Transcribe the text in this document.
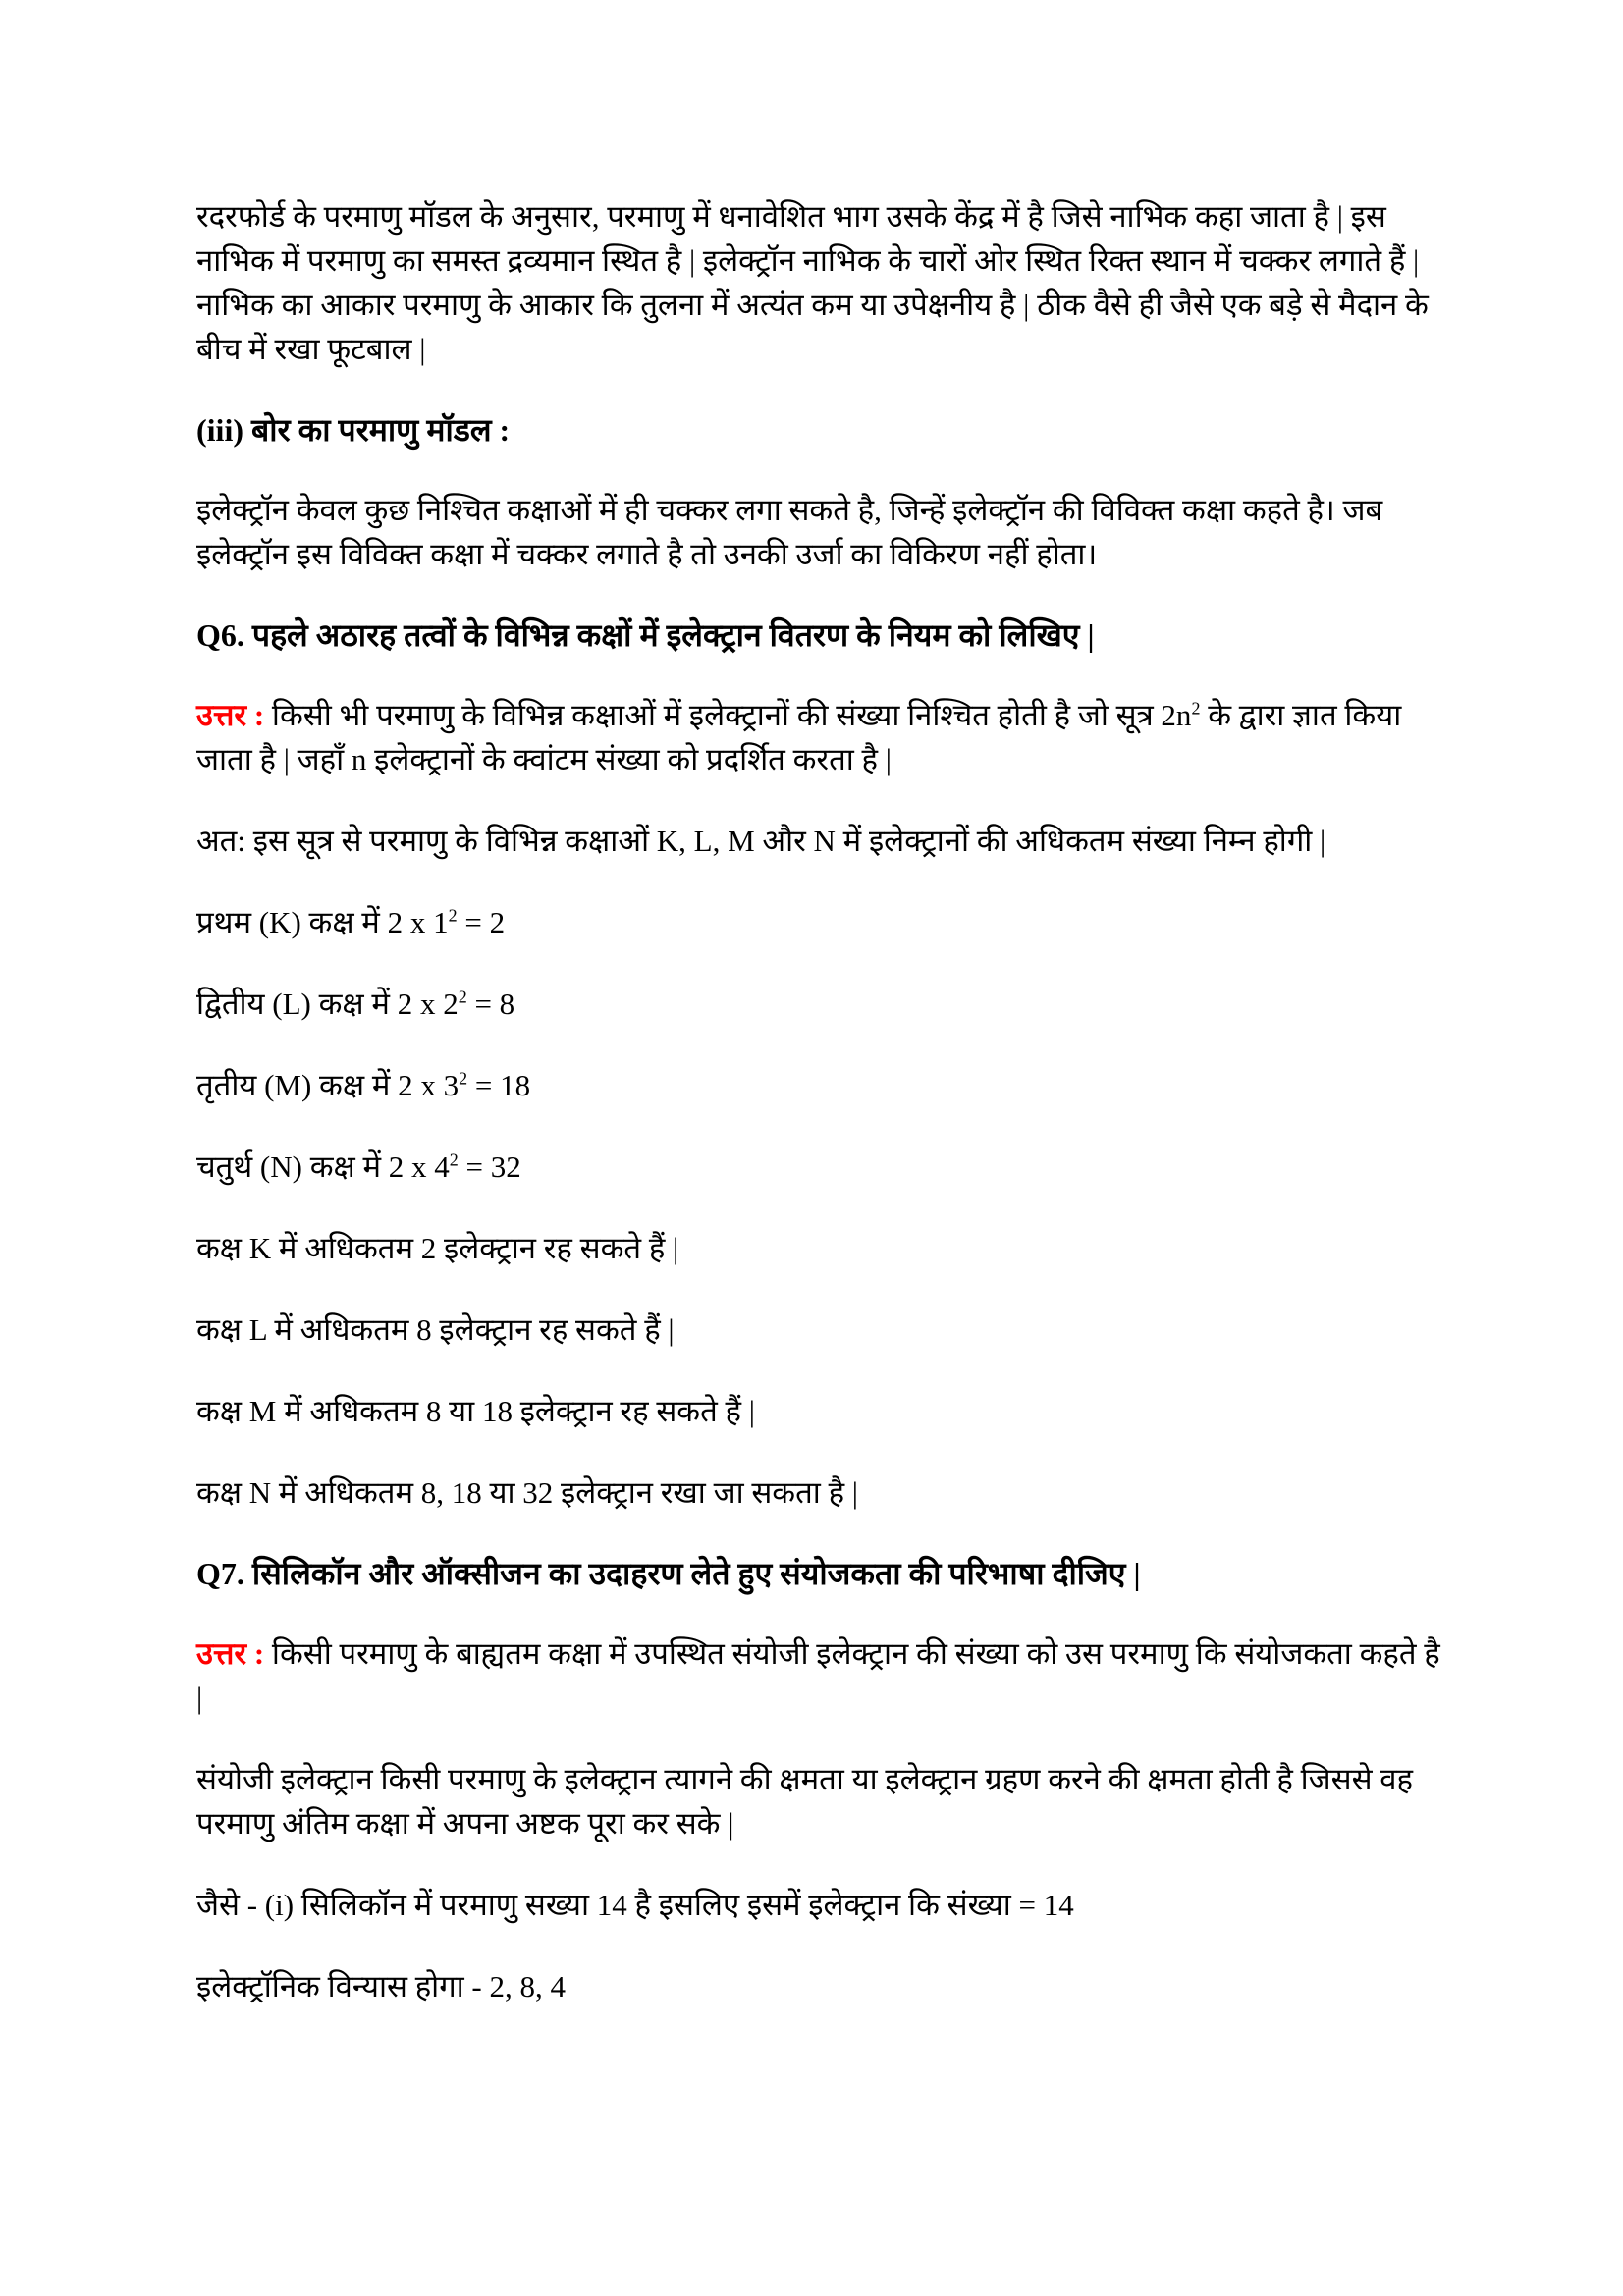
रदरफोर्ड के परमाणु मॉडल के अनुसार, परमाणु में धनावेशित भाग उसके केंद्र में है जिसे नाभिक कहा जाता है | इस नाभिक में परमाणु का समस्त द्रव्यमान स्थित है | इलेक्ट्रॉन नाभिक के चारों ओर स्थित रिक्त स्थान में चक्कर लगाते हैं | नाभिक का आकार परमाणु के आकार कि तुलना में अत्यंत कम या उपेक्षनीय है | ठीक वैसे ही जैसे एक बड़े से मैदान के बीच में रखा फूटबाल |

(iii) बोर का परमाणु मॉडल :

इलेक्ट्रॉन केवल कुछ निश्चित कक्षाओं में ही चक्कर लगा सकते है, जिन्हें इलेक्ट्रॉन की विविक्त कक्षा कहते है। जब इलेक्ट्रॉन इस विविक्त कक्षा में चक्कर लगाते है तो उनकी उर्जा का विकिरण नहीं होता।

Q6. पहले अठारह तत्वों के विभिन्न कक्षों में इलेक्ट्रान वितरण के नियम को लिखिए |

उत्तर : किसी भी परमाणु के विभिन्न कक्षाओं में इलेक्ट्रानों की संख्या निश्चित होती है जो सूत्र $2n^2$ के द्वारा ज्ञात किया जाता है | जहाँ n इलेक्ट्रानों के क्वांटम संख्या को प्रदर्शित करता है |

अत: इस सूत्र से परमाणु के विभिन्न कक्षाओं K, L, M और N में इलेक्ट्रानों की अधिकतम संख्या निम्न होगी |

प्रथम (K) कक्ष में 2 x $1^2 = 2$

द्वितीय (L) कक्ष में 2 x $2^2 = 8$

तृतीय (M) कक्ष में 2 x $3^2 = 18$

चतुर्थ (N) कक्ष में 2 x $4^2 = 32$

कक्ष K में अधिकतम 2 इलेक्ट्रान रह सकते हैं |

कक्ष L में अधिकतम 8 इलेक्ट्रान रह सकते हैं |

कक्ष M में अधिकतम 8 या 18 इलेक्ट्रान रह सकते हैं |

कक्ष N में अधिकतम 8, 18 या 32 इलेक्ट्रान रखा जा सकता है |

Q7. सिलिकॉन और ऑक्सीजन का उदाहरण लेते हुए संयोजकता की परिभाषा दीजिए |

उत्तर : किसी परमाणु के बाह्यतम कक्षा में उपस्थित संयोजी इलेक्ट्रान की संख्या को उस परमाणु कि संयोजकता कहते है |

संयोजी इलेक्ट्रान किसी परमाणु के इलेक्ट्रान त्यागने की क्षमता या इलेक्ट्रान ग्रहण करने की क्षमता होती है जिससे वह परमाणु अंतिम कक्षा में अपना अष्टक पूरा कर सके |

जैसे - (i) सिलिकॉन में परमाणु सख्या 14 है इसलिए इसमें इलेक्ट्रान कि संख्या = 14

इलेक्ट्रॉनिक विन्यास होगा - 2, 8, 4
